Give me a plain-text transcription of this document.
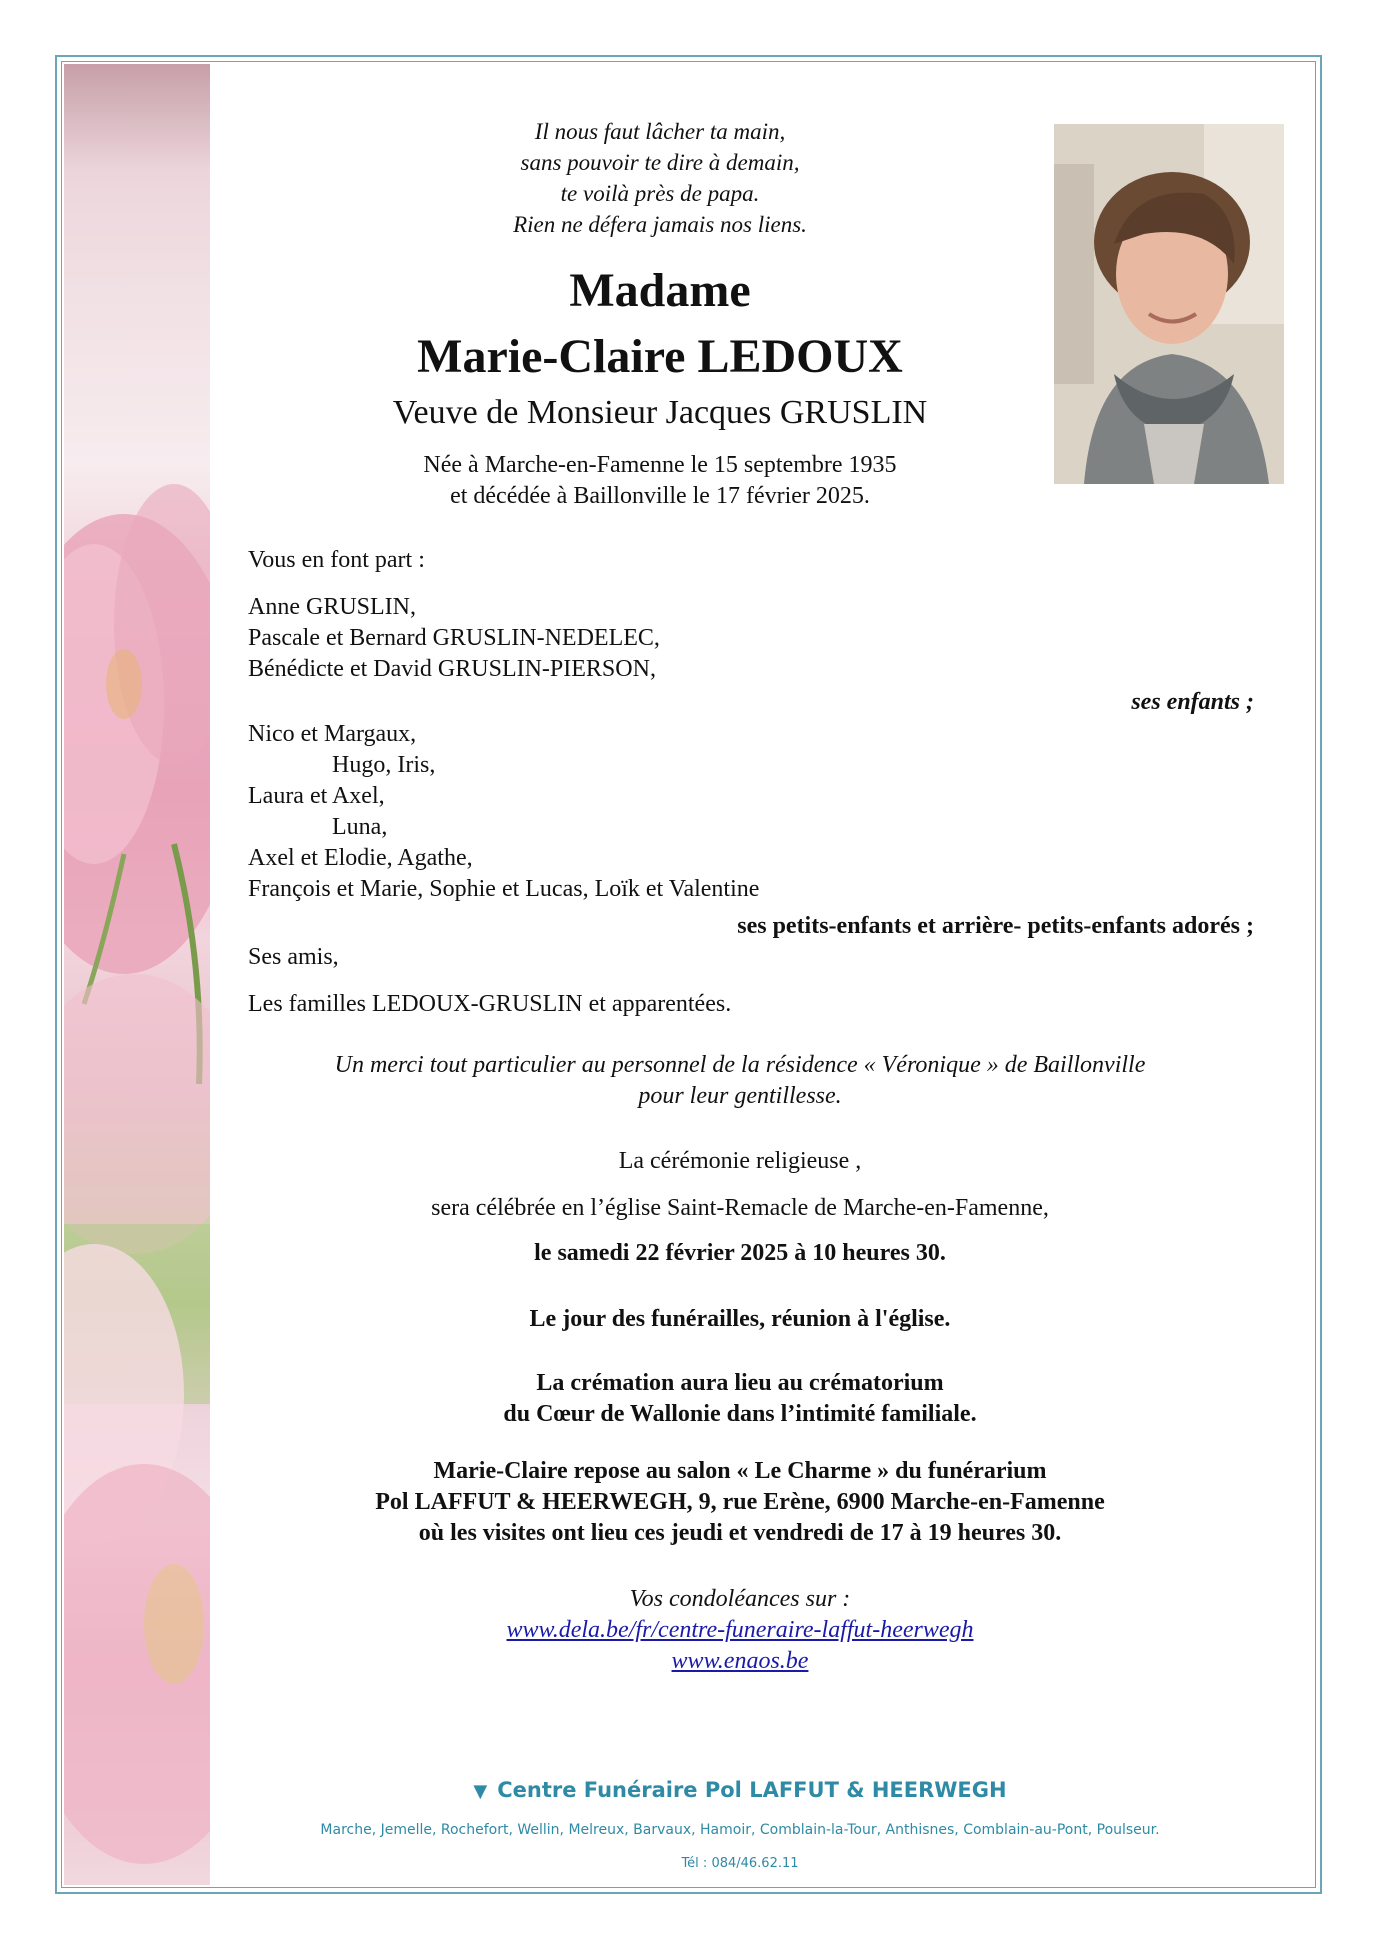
Il nous faut lâcher ta main,
sans pouvoir te dire à demain,
te voilà près de papa.
Rien ne défera jamais nos liens.
Madame
Marie-Claire LEDOUX
Veuve de Monsieur Jacques GRUSLIN
Née à Marche-en-Famenne le 15 septembre 1935
et décédée à Baillonville le 17 février 2025.
Vous en font part :
Anne GRUSLIN,
Pascale et Bernard GRUSLIN-NEDELEC,
Bénédicte et David GRUSLIN-PIERSON,
ses enfants ;
Nico et Margaux,
Hugo, Iris,
Laura et Axel,
Luna,
Axel et Elodie, Agathe,
François et Marie, Sophie et Lucas, Loïk et Valentine
ses petits-enfants et arrière- petits-enfants adorés ;
Ses amis,
Les familles LEDOUX-GRUSLIN et apparentées.
Un merci tout particulier au personnel de la résidence « Véronique » de Baillonville
pour leur gentillesse.
La cérémonie religieuse ,
sera célébrée en l’église Saint-Remacle de Marche-en-Famenne,
le samedi 22 février 2025 à 10 heures 30.
Le jour des funérailles, réunion à l'église.
La crémation aura lieu au crématorium
du Cœur de Wallonie dans l’intimité familiale.
Marie-Claire repose au salon « Le Charme » du funérarium
Pol LAFFUT & HEERWEGH, 9, rue Erène, 6900 Marche-en-Famenne
où les visites ont lieu ces jeudi et vendredi de 17 à 19 heures 30.
Vos condoléances sur :
www.dela.be/fr/centre-funeraire-laffut-heerwegh
www.enaos.be
▼ Centre Funéraire Pol LAFFUT & HEERWEGH
Marche, Jemelle, Rochefort, Wellin, Melreux, Barvaux, Hamoir, Comblain-la-Tour, Anthisnes, Comblain-au-Pont, Poulseur.
Tél : 084/46.62.11
